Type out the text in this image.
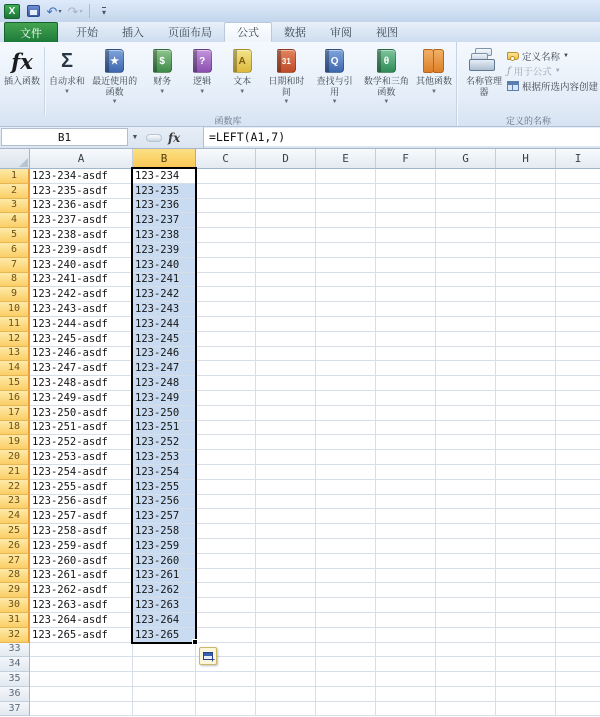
X	↶ ▾ ↷ ▾ ▾
文件	开始	插入	页面布局	公式	数据	审阅	视图
fx
插入函数
Σ
自动求和
▼
★
最近使用的函数
▼
$
财务
▼
?
逻辑
▼
A
文本
▼
31
日期和时间
▼
Q
查找与引用
▼
θ
数学和三角函数
▼
其他函数
▼
函数库
名称管理器
定义名称 ▼
ƒ 用于公式 ▼
根据所选内容创建
定义的名称
B1	▼ fx	=LEFT(A1,7)
A	B	C	D	E	F	G	H	I
1	123-234-asdf	123-234
2	123-235-asdf	123-235
3	123-236-asdf	123-236
4	123-237-asdf	123-237
5	123-238-asdf	123-238
6	123-239-asdf	123-239
7	123-240-asdf	123-240
8	123-241-asdf	123-241
9	123-242-asdf	123-242
10	123-243-asdf	123-243
11	123-244-asdf	123-244
12	123-245-asdf	123-245
13	123-246-asdf	123-246
14	123-247-asdf	123-247
15	123-248-asdf	123-248
16	123-249-asdf	123-249
17	123-250-asdf	123-250
18	123-251-asdf	123-251
19	123-252-asdf	123-252
20	123-253-asdf	123-253
21	123-254-asdf	123-254
22	123-255-asdf	123-255
23	123-256-asdf	123-256
24	123-257-asdf	123-257
25	123-258-asdf	123-258
26	123-259-asdf	123-259
27	123-260-asdf	123-260
28	123-261-asdf	123-261
29	123-262-asdf	123-262
30	123-263-asdf	123-263
31	123-264-asdf	123-264
32	123-265-asdf	123-265
33
34
35
36
37
+
